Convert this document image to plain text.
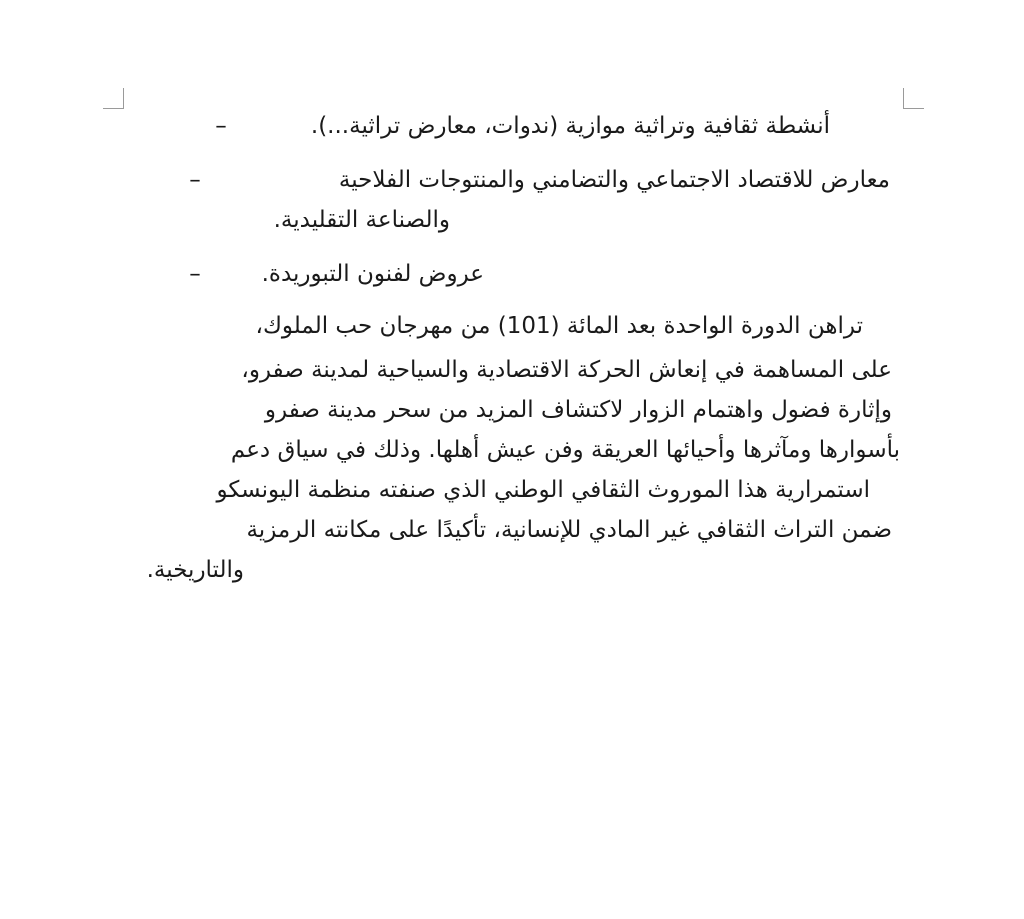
–	أنشطة ثقافية وتراثية موازية (ندوات، معارض تراثية...).
–	معارض للاقتصاد الاجتماعي والتضامني والمنتوجات الفلاحية
والصناعة التقليدية.
–	عروض لفنون التبوريدة.
تراهن الدورة الواحدة بعد المائة (101) من مهرجان حب الملوك،
على المساهمة في إنعاش الحركة الاقتصادية والسياحية لمدينة صفرو،
وإثارة فضول واهتمام الزوار لاكتشاف المزيد من سحر مدينة صفرو
بأسوارها ومآثرها وأحيائها العريقة وفن عيش أهلها. وذلك في سياق دعم
استمرارية هذا الموروث الثقافي الوطني الذي صنفته منظمة اليونسكو
ضمن التراث الثقافي غير المادي للإنسانية، تأكيدًا على مكانته الرمزية
والتاريخية.
